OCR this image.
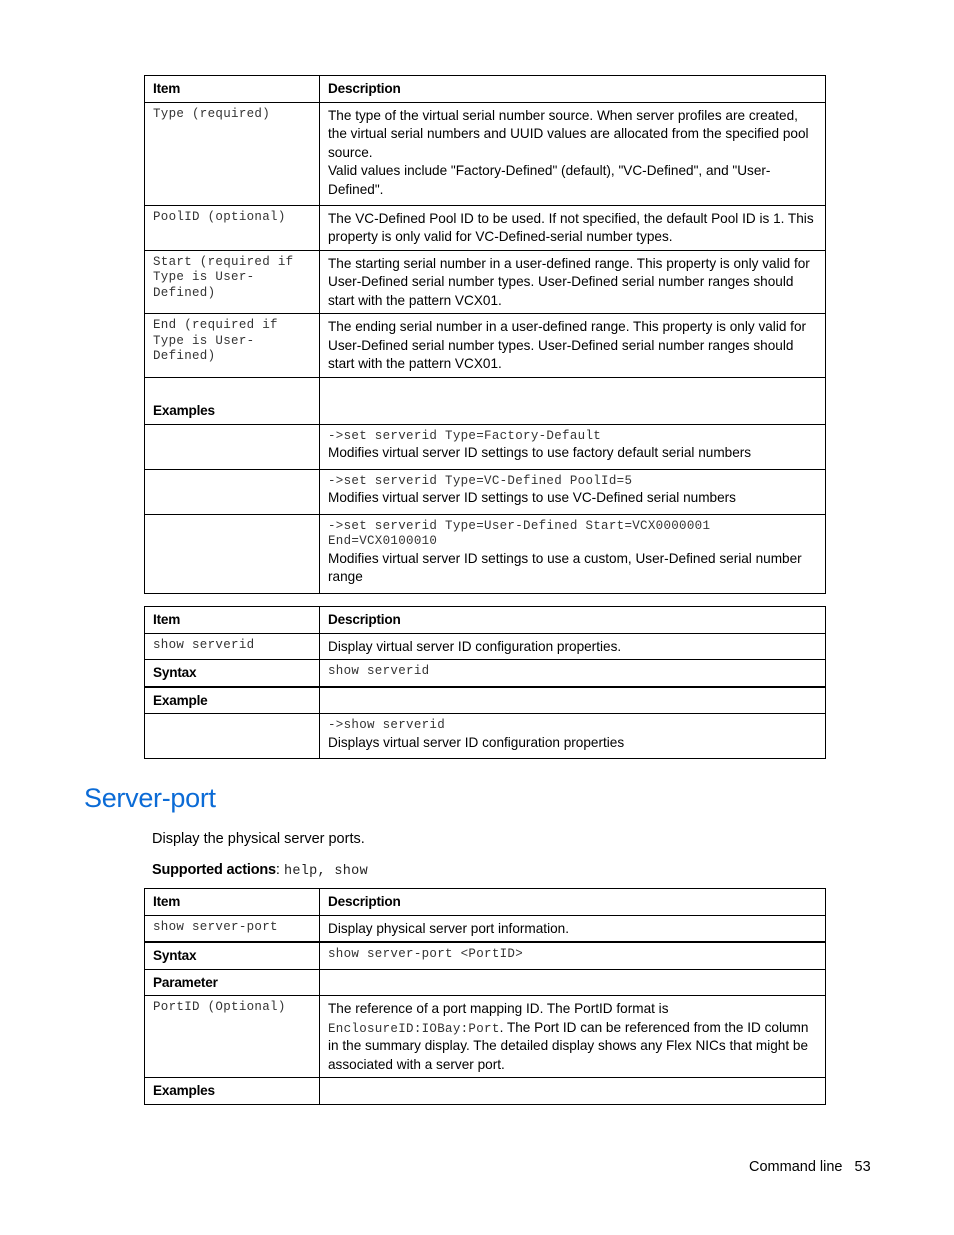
Item	Description

Type (required)	The type of the virtual serial number source. When server profiles are created, the virtual serial numbers and UUID values are allocated from the specified pool source.
Valid values include "Factory-Defined" (default), "VC-Defined", and "User-Defined".

PoolID (optional)	The VC-Defined Pool ID to be used. If not specified, the default Pool ID is 1. This property is only valid for VC-Defined-serial number types.

Start (required if Type is User-Defined)	The starting serial number in a user-defined range. This property is only valid for User-Defined serial number types. User-Defined serial number ranges should start with the pattern VCX01.

End (required if Type is User-Defined)	The ending serial number in a user-defined range. This property is only valid for User-Defined serial number types. User-Defined serial number ranges should start with the pattern VCX01.

Examples	

	->set serverid Type=Factory-Default
Modifies virtual server ID settings to use factory default serial numbers

	->set serverid Type=VC-Defined PoolId=5
Modifies virtual server ID settings to use VC-Defined serial numbers

	->set serverid Type=User-Defined Start=VCX0000001 End=VCX0100010
Modifies virtual server ID settings to use a custom, User-Defined serial number range
Item	Description

show serverid	Display virtual server ID configuration properties.

Syntax	show serverid

Example	

	->show serverid
Displays virtual server ID configuration properties
Server-port
Display the physical server ports.
Supported actions: help, show
Item	Description

show server-port	Display physical server port information.

Syntax	show server-port <PortID>

Parameter	

PortID (Optional)	The reference of a port mapping ID. The PortID format is EnclosureID:IOBay:Port. The Port ID can be referenced from the ID column in the summary display. The detailed display shows any Flex NICs that might be associated with a server port.
Examples	
Command line 53
